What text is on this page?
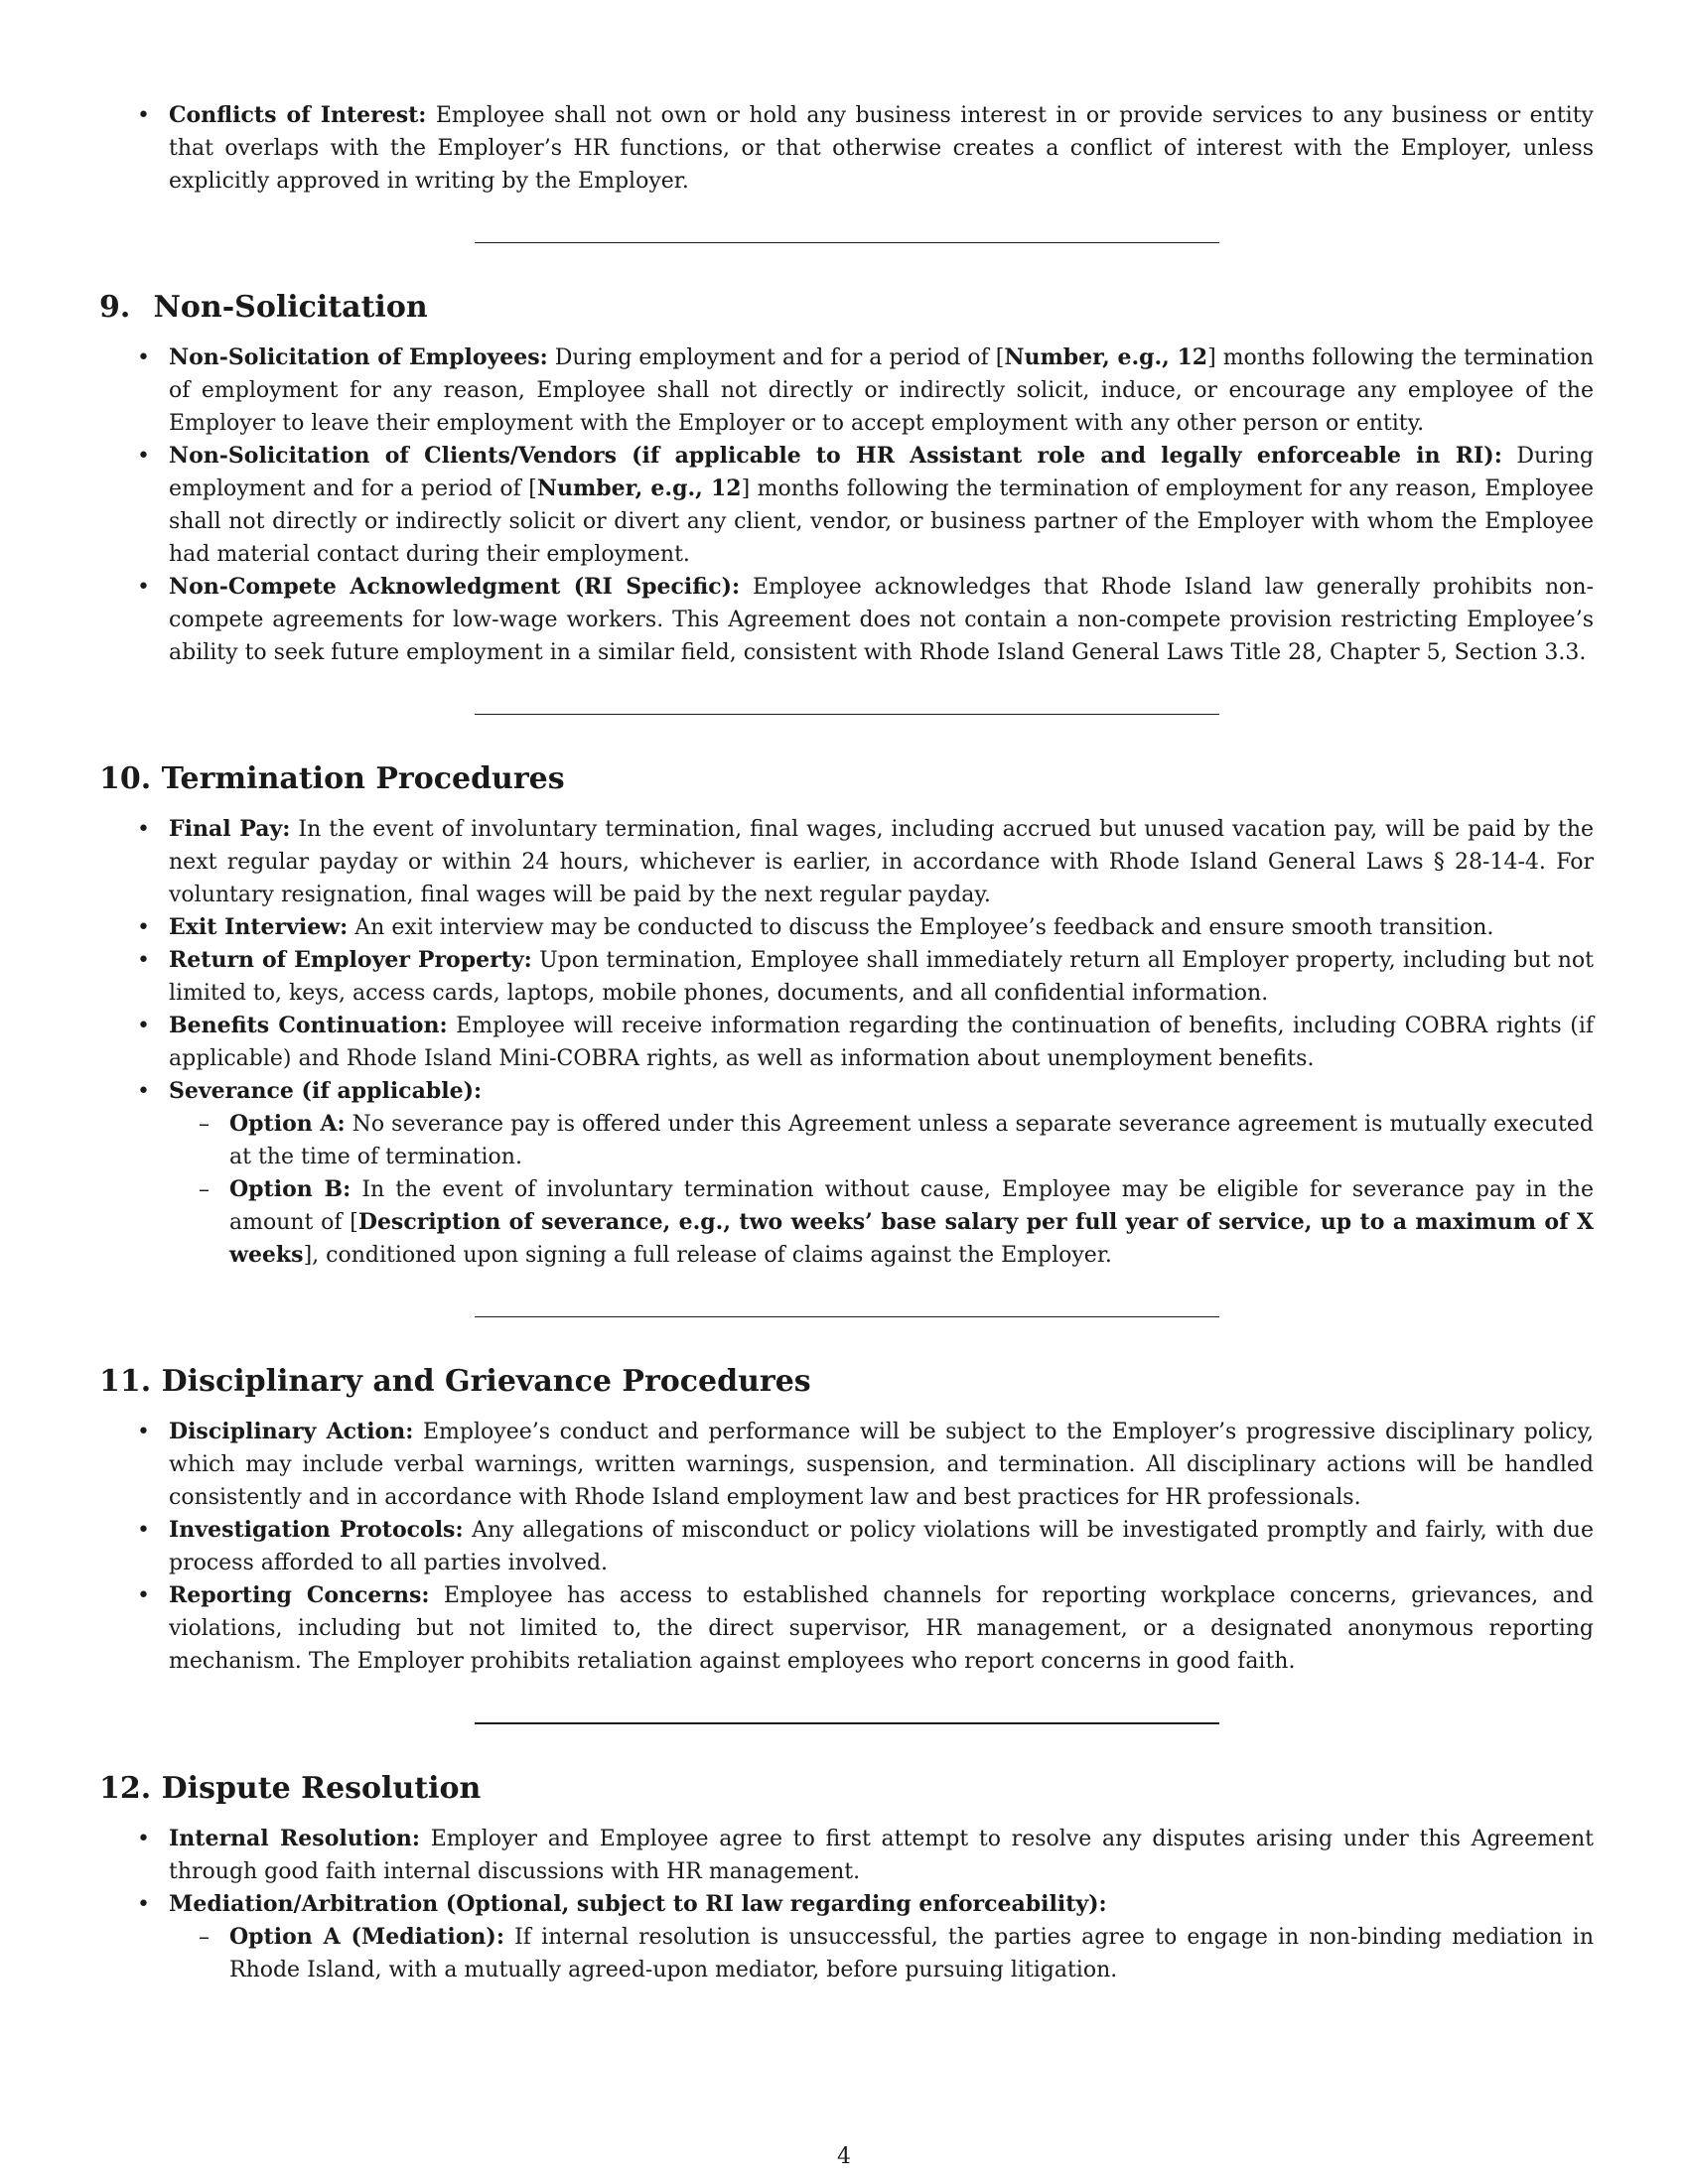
• Conflicts of Interest: Employee shall not own or hold any business interest in or provide services to any business or entity that overlaps with the Employer’s HR functions, or that otherwise creates a conflict of interest with the Employer, unless explicitly approved in writing by the Employer.
9. Non-Solicitation
• Non-Solicitation of Employees: During employment and for a period of [Number, e.g., 12] months following the termination of employment for any reason, Employee shall not directly or indirectly solicit, induce, or encourage any employee of the Employer to leave their employment with the Employer or to accept employment with any other person or entity.
• Non-Solicitation of Clients/Vendors (if applicable to HR Assistant role and legally enforceable in RI): During employment and for a period of [Number, e.g., 12] months following the termination of employment for any reason, Employee shall not directly or indirectly solicit or divert any client, vendor, or business partner of the Employer with whom the Employee had material contact during their employment.
• Non-Compete Acknowledgment (RI Specific): Employee acknowledges that Rhode Island law generally prohibits non-compete agreements for low-wage workers. This Agreement does not contain a non-compete provision restricting Employee’s ability to seek future employment in a similar field, consistent with Rhode Island General Laws Title 28, Chapter 5, Section 3.3.
10. Termination Procedures
• Final Pay: In the event of involuntary termination, final wages, including accrued but unused vacation pay, will be paid by the next regular payday or within 24 hours, whichever is earlier, in accordance with Rhode Island General Laws § 28-14-4. For voluntary resignation, final wages will be paid by the next regular payday.
• Exit Interview: An exit interview may be conducted to discuss the Employee’s feedback and ensure smooth transition.
• Return of Employer Property: Upon termination, Employee shall immediately return all Employer property, including but not limited to, keys, access cards, laptops, mobile phones, documents, and all confidential information.
• Benefits Continuation: Employee will receive information regarding the continuation of benefits, including COBRA rights (if applicable) and Rhode Island Mini-COBRA rights, as well as information about unemployment benefits.
• Severance (if applicable):
– Option A: No severance pay is offered under this Agreement unless a separate severance agreement is mutually executed at the time of termination.
– Option B: In the event of involuntary termination without cause, Employee may be eligible for severance pay in the amount of [Description of severance, e.g., two weeks’ base salary per full year of service, up to a maximum of X weeks], conditioned upon signing a full release of claims against the Employer.
11. Disciplinary and Grievance Procedures
• Disciplinary Action: Employee’s conduct and performance will be subject to the Employer’s progressive disciplinary policy, which may include verbal warnings, written warnings, suspension, and termination. All disciplinary actions will be handled consistently and in accordance with Rhode Island employment law and best practices for HR professionals.
• Investigation Protocols: Any allegations of misconduct or policy violations will be investigated promptly and fairly, with due process afforded to all parties involved.
• Reporting Concerns: Employee has access to established channels for reporting workplace concerns, grievances, and violations, including but not limited to, the direct supervisor, HR management, or a designated anonymous reporting mechanism. The Employer prohibits retaliation against employees who report concerns in good faith.
12. Dispute Resolution
• Internal Resolution: Employer and Employee agree to first attempt to resolve any disputes arising under this Agreement through good faith internal discussions with HR management.
• Mediation/Arbitration (Optional, subject to RI law regarding enforceability):
– Option A (Mediation): If internal resolution is unsuccessful, the parties agree to engage in non-binding mediation in Rhode Island, with a mutually agreed-upon mediator, before pursuing litigation.
4
